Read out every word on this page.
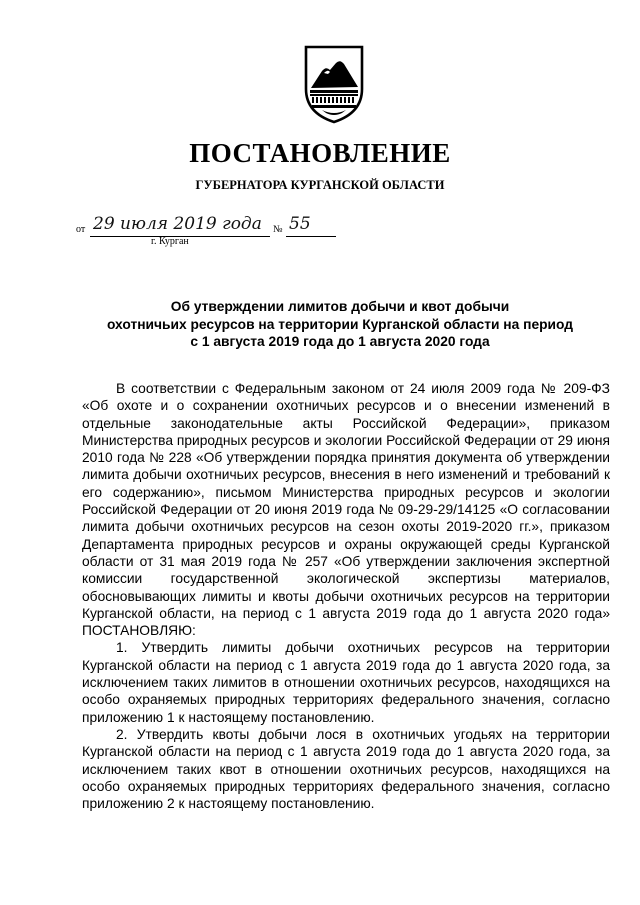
ПОСТАНОВЛЕНИЕ
ГУБЕРНАТОРА КУРГАНСКОЙ ОБЛАСТИ
от 29 июля 2019 года № 55
г. Курган
Об утверждении лимитов добычи и квот добычи
охотничьих ресурсов на территории Курганской области на период
с 1 августа 2019 года до 1 августа 2020 года

В соответствии с Федеральным законом от 24 июля 2009 года № 209-ФЗ «Об охоте и о сохранении охотничьих ресурсов и о внесении изменений в отдельные законодательные акты Российской Федерации», приказом Министерства природных ресурсов и экологии Российской Федерации от 29 июня 2010 года № 228 «Об утверждении порядка принятия документа об утверждении лимита добычи охотничьих ресурсов, внесения в него изменений и требований к его содержанию», письмом Министерства природных ресурсов и экологии Российской Федерации от 20 июня 2019 года № 09-29-29/14125 «О согласовании лимита добычи охотничьих ресурсов на сезон охоты 2019-2020 гг.», приказом Департамента природных ресурсов и охраны окружающей среды Курганской области от 31 мая 2019 года № 257 «Об утверждении заключения экспертной комиссии государственной экологической экспертизы материалов, обосновывающих лимиты и квоты добычи охотничьих ресурсов на территории Курганской области, на период с 1 августа 2019 года до 1 августа 2020 года» ПОСТАНОВЛЯЮ:

1. Утвердить лимиты добычи охотничьих ресурсов на территории Курганской области на период с 1 августа 2019 года до 1 августа 2020 года, за исключением таких лимитов в отношении охотничьих ресурсов, находящихся на особо охраняемых природных территориях федерального значения, согласно приложению 1 к настоящему постановлению.

2. Утвердить квоты добычи лося в охотничьих угодьях на территории Курганской области на период с 1 августа 2019 года до 1 августа 2020 года, за исключением таких квот в отношении охотничьих ресурсов, находящихся на особо охраняемых природных территориях федерального значения, согласно приложению 2 к настоящему постановлению.
